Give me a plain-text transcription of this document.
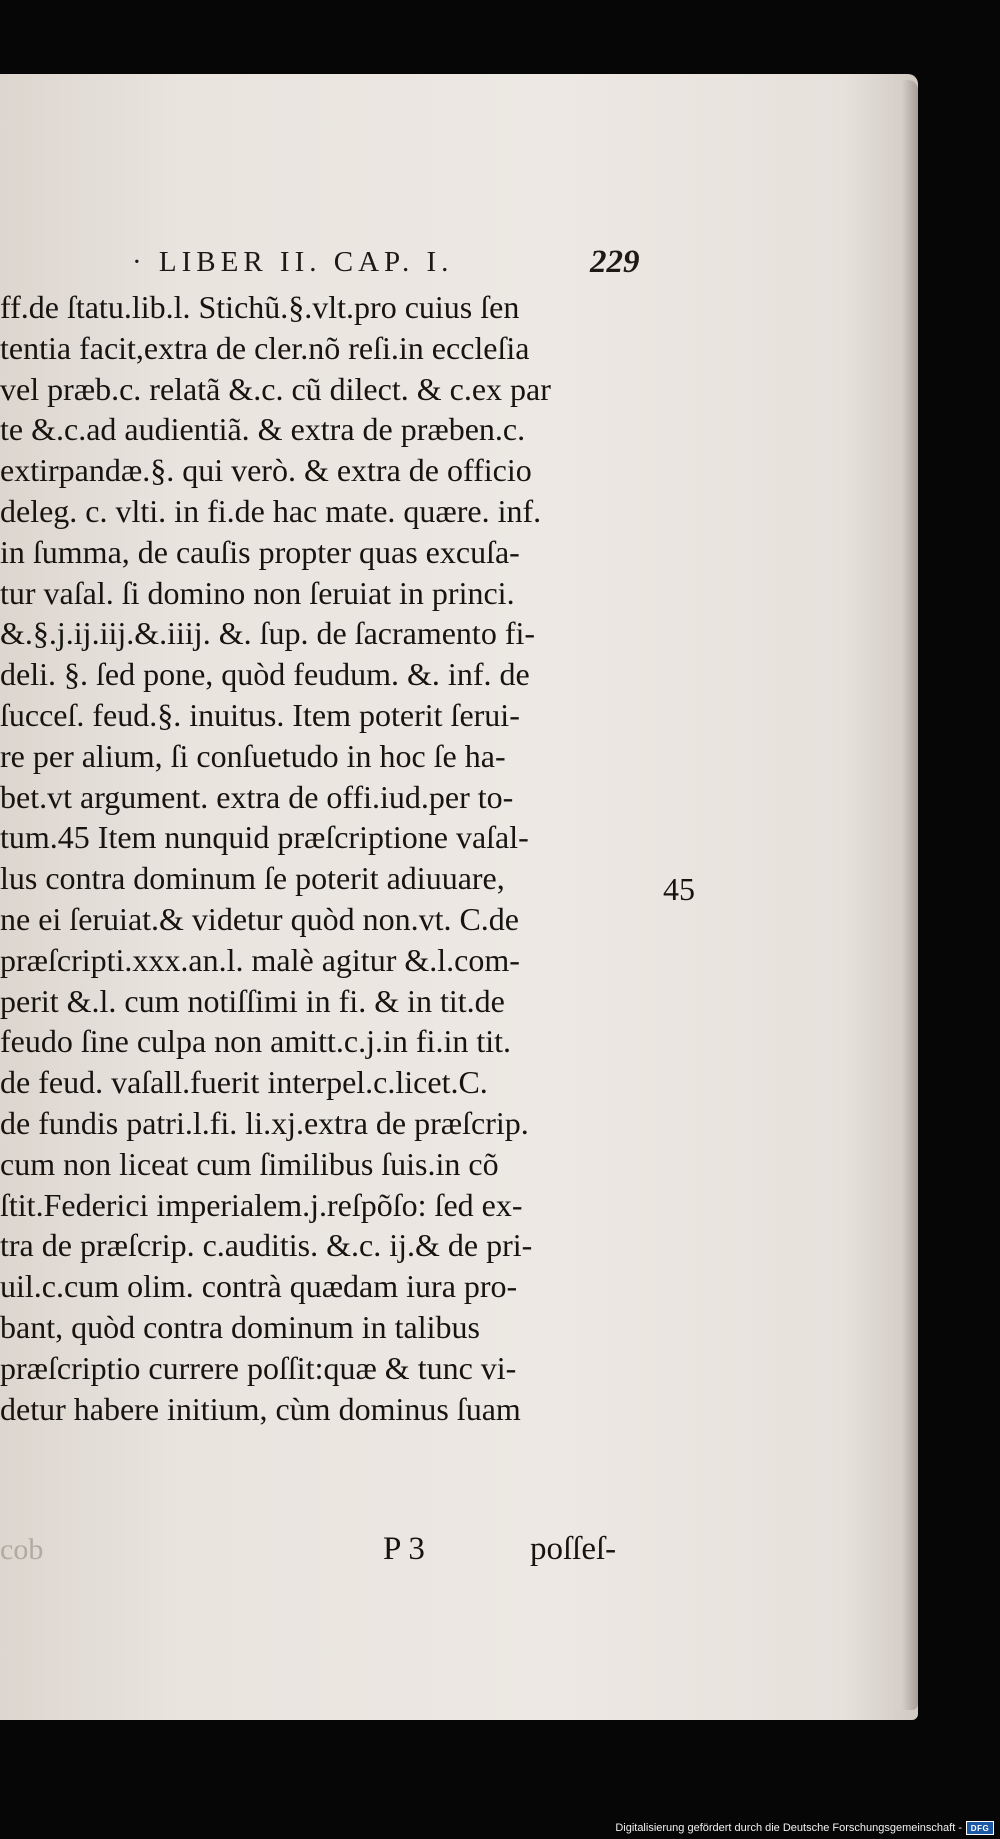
· LIBER II. CAP. I.	229
ff.de ſtatu.lib.l. Stichũ.§.vlt.pro cuius ſen
tentia facit,extra de cler.nõ reſi.in eccleſia
vel præb.c. relatã &.c. cũ dilect. & c.ex par
te &.c.ad audientiã. & extra de præben.c.
extirpandæ.§. qui verò. & extra de officio
deleg. c. vlti. in fi.de hac mate. quære. inf.
in ſumma, de cauſis propter quas excuſa-
tur vaſal. ſi domino non ſeruiat in princi.
&.§.j.ij.iij.&.iiij. &. ſup. de ſacramento fi-
deli. §. ſed pone, quòd feudum. &. inf. de
ſucceſ. feud.§. inuitus. Item poterit ſerui-
re per alium, ſi conſuetudo in hoc ſe ha-
bet.vt argument. extra de offi.iud.per to-
tum.45 Item nunquid præſcriptione vaſal-
lus contra dominum ſe poterit adiuuare,
ne ei ſeruiat.& videtur quòd non.vt. C.de
præſcripti.xxx.an.l. malè agitur &.l.com-
perit &.l. cum notiſſimi in fi. & in tit.de
feudo ſine culpa non amitt.c.j.in fi.in tit.
de feud. vaſall.fuerit interpel.c.licet.C.
de fundis patri.l.fi. li.xj.extra de præſcrip.
cum non liceat cum ſimilibus ſuis.in cõ
ſtit.Federici imperialem.j.reſpõſo: ſed ex-
tra de præſcrip. c.auditis. &.c. ij.& de pri-
uil.c.cum olim. contrà quædam iura pro-
bant, quòd contra dominum in talibus
præſcriptio currere poſſit:quæ & tunc vi-
detur habere initium, cùm dominus ſuam
45
cob	P 3	poſſeſ-
Digitalisierung gefördert durch die Deutsche Forschungsgemeinschaft -	DFG
